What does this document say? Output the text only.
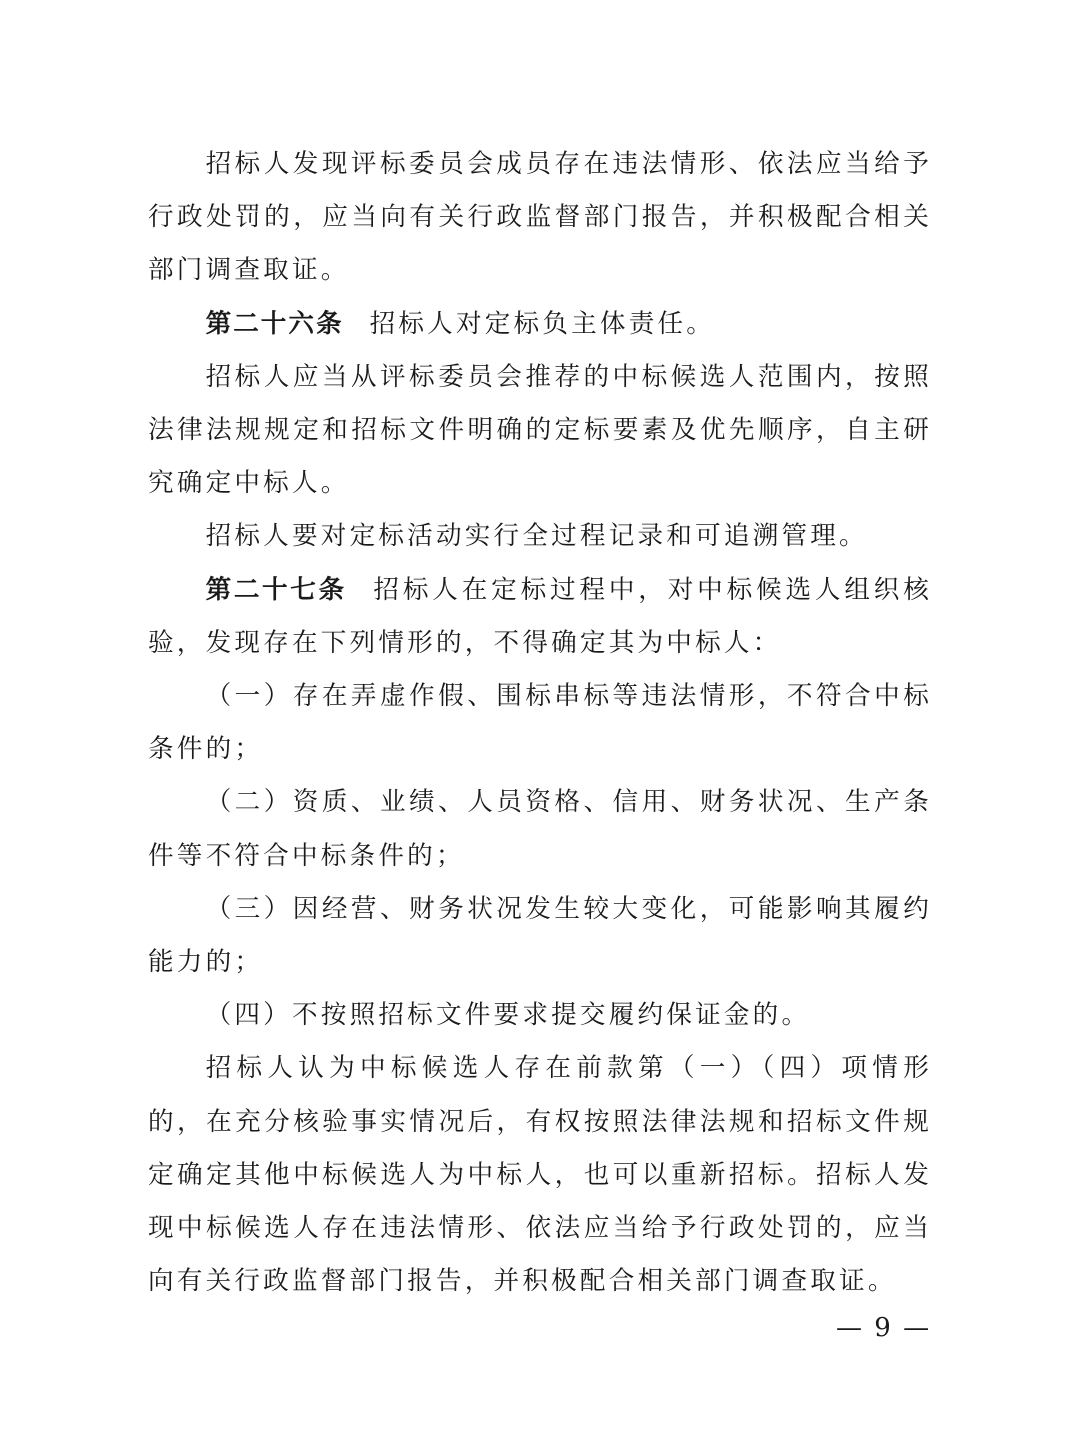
招标人发现评标委员会成员存在违法情形、依法应当给予行政处罚的，应当向有关行政监督部门报告，并积极配合相关部门调查取证。

第二十六条 招标人对定标负主体责任。

招标人应当从评标委员会推荐的中标候选人范围内，按照法律法规规定和招标文件明确的定标要素及优先顺序，自主研究确定中标人。

招标人要对定标活动实行全过程记录和可追溯管理。

第二十七条 招标人在定标过程中，对中标候选人组织核验，发现存在下列情形的，不得确定其为中标人：

（一）存在弄虚作假、围标串标等违法情形，不符合中标条件的；

（二）资质、业绩、人员资格、信用、财务状况、生产条件等不符合中标条件的；

（三）因经营、财务状况发生较大变化，可能影响其履约能力的；

（四）不按照招标文件要求提交履约保证金的。

招标人认为中标候选人存在前款第（一）（四）项情形的，在充分核验事实情况后，有权按照法律法规和招标文件规定确定其他中标候选人为中标人，也可以重新招标。招标人发现中标候选人存在违法情形、依法应当给予行政处罚的，应当向有关行政监督部门报告，并积极配合相关部门调查取证。

— 9 —
